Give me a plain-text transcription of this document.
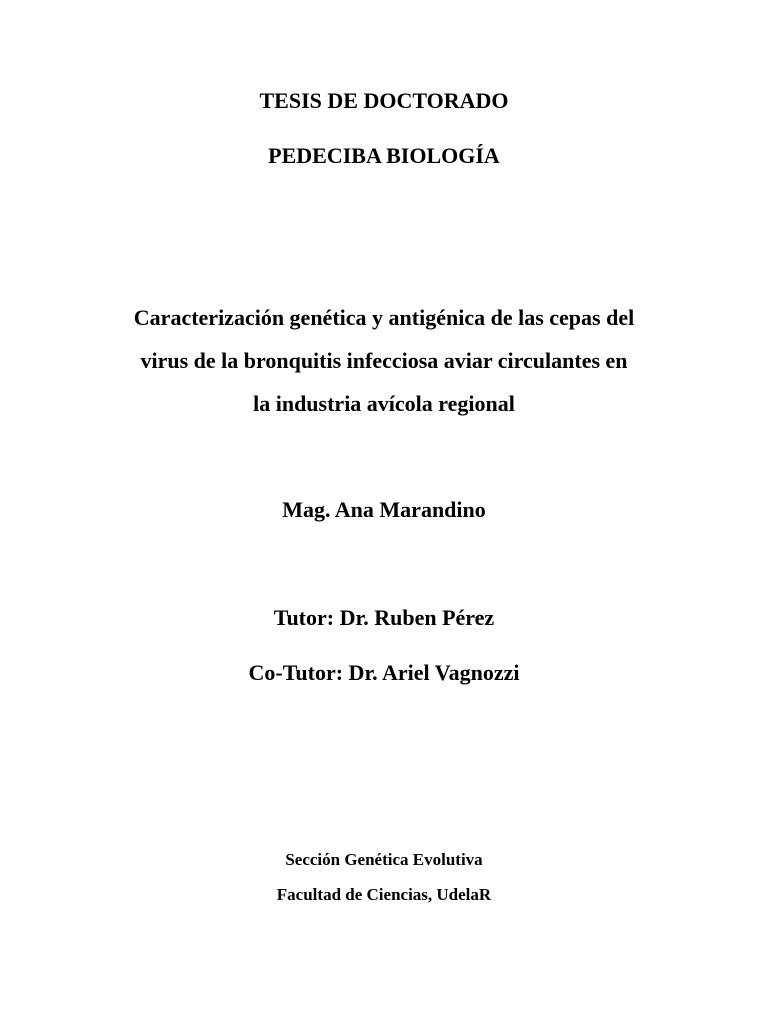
TESIS DE DOCTORADO
PEDECIBA BIOLOGÍA
Caracterización genética y antigénica de las cepas del
virus de la bronquitis infecciosa aviar circulantes en
la industria avícola regional
Mag. Ana Marandino
Tutor: Dr. Ruben Pérez
Co-Tutor: Dr. Ariel Vagnozzi
Sección Genética Evolutiva
Facultad de Ciencias, UdelaR
